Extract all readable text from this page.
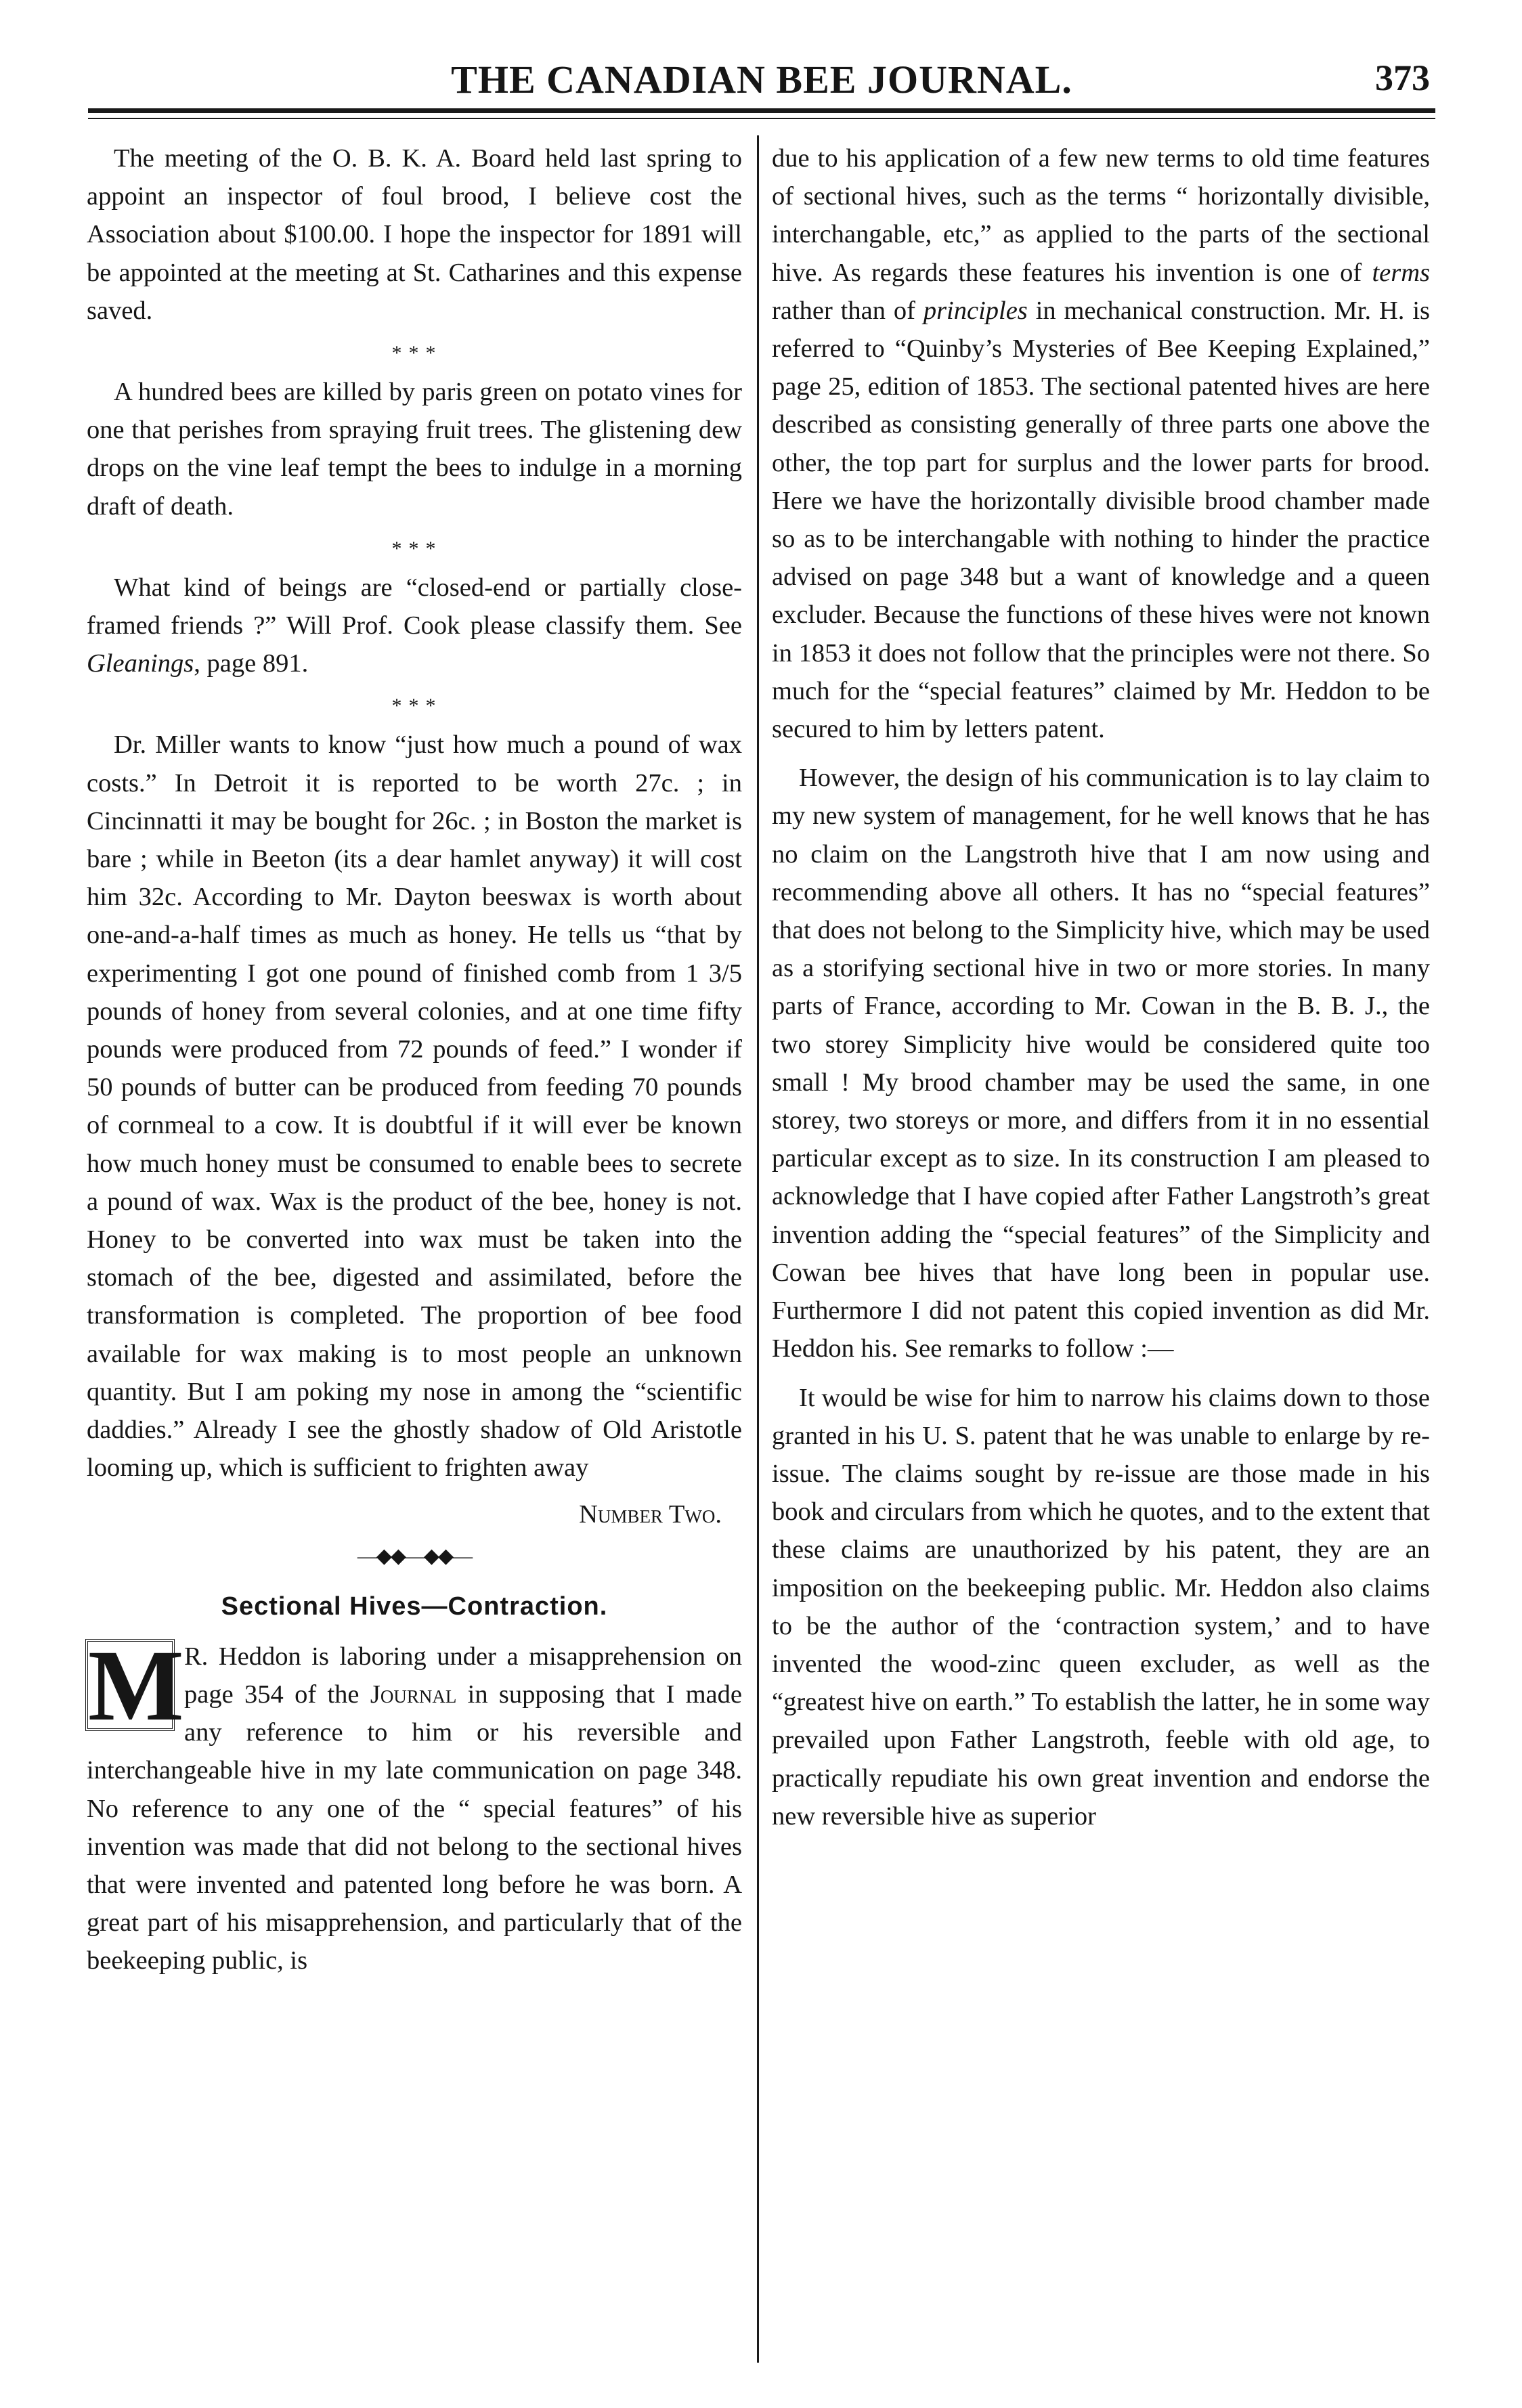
THE CANADIAN BEE JOURNAL.	373

The meeting of the O. B. K. A. Board held last spring to appoint an inspector of foul brood, I believe cost the Association about $100.00. I hope the inspector for 1891 will be appointed at the meeting at St. Catharines and this expense saved.

* * *

A hundred bees are killed by paris green on potato vines for one that perishes from spraying fruit trees. The glistening dew drops on the vine leaf tempt the bees to indulge in a morning draft of death.

* * *

What kind of beings are “closed-end or partially close-framed friends ?” Will Prof. Cook please classify them. See Gleanings, page 891.

* * *

Dr. Miller wants to know “just how much a pound of wax costs.” In Detroit it is reported to be worth 27c. ; in Cincinnatti it may be bought for 26c. ; in Boston the market is bare ; while in Beeton (its a dear hamlet anyway) it will cost him 32c. According to Mr. Dayton beeswax is worth about one-and-a-half times as much as honey. He tells us “that by experimenting I got one pound of finished comb from 1 3/5 pounds of honey from several colonies, and at one time fifty pounds were produced from 72 pounds of feed.” I wonder if 50 pounds of butter can be produced from feeding 70 pounds of cornmeal to a cow. It is doubtful if it will ever be known how much honey must be consumed to enable bees to secrete a pound of wax. Wax is the product of the bee, honey is not. Honey to be converted into wax must be taken into the stomach of the bee, digested and assimilated, before the transformation is completed. The proportion of bee food available for wax making is to most people an unknown quantity. But I am poking my nose in among the “scientific daddies.” Already I see the ghostly shadow of Old Aristotle looming up, which is sufficient to frighten away

Number Two.

—◆◆—◆◆—
Sectional Hives—Contraction.

M R. Heddon is laboring under a misapprehension on page 354 of the Journal in supposing that I made any reference to him or his reversible and interchangeable hive in my late communication on page 348. No reference to any one of the “ special features” of his invention was made that did not belong to the sectional hives that were invented and patented long before he was born. A great part of his misapprehension, and particularly that of the beekeeping public, is

due to his application of a few new terms to old time features of sectional hives, such as the terms “ horizontally divisible, interchangable, etc,” as applied to the parts of the sectional hive. As regards these features his invention is one of terms rather than of principles in mechanical construction. Mr. H. is referred to “Quinby’s Mysteries of Bee Keeping Explained,” page 25, edition of 1853. The sectional patented hives are here described as consisting generally of three parts one above the other, the top part for surplus and the lower parts for brood. Here we have the horizontally divisible brood chamber made so as to be interchangable with nothing to hinder the practice advised on page 348 but a want of knowledge and a queen excluder. Because the functions of these hives were not known in 1853 it does not follow that the principles were not there. So much for the “special features” claimed by Mr. Heddon to be secured to him by letters patent.

However, the design of his communication is to lay claim to my new system of management, for he well knows that he has no claim on the Langstroth hive that I am now using and recommending above all others. It has no “special features” that does not belong to the Simplicity hive, which may be used as a storifying sectional hive in two or more stories. In many parts of France, according to Mr. Cowan in the B. B. J., the two storey Simplicity hive would be considered quite too small ! My brood chamber may be used the same, in one storey, two storeys or more, and differs from it in no essential particular except as to size. In its construction I am pleased to acknowledge that I have copied after Father Langstroth’s great invention adding the “special features” of the Simplicity and Cowan bee hives that have long been in popular use. Furthermore I did not patent this copied invention as did Mr. Heddon his. See remarks to follow :—

It would be wise for him to narrow his claims down to those granted in his U. S. patent that he was unable to enlarge by re-issue. The claims sought by re-issue are those made in his book and circulars from which he quotes, and to the extent that these claims are unauthorized by his patent, they are an imposition on the beekeeping public. Mr. Heddon also claims to be the author of the ‘contraction system,’ and to have invented the wood-zinc queen excluder, as well as the “greatest hive on earth.” To establish the latter, he in some way prevailed upon Father Langstroth, feeble with old age, to practically repudiate his own great invention and endorse the new reversible hive as superior
